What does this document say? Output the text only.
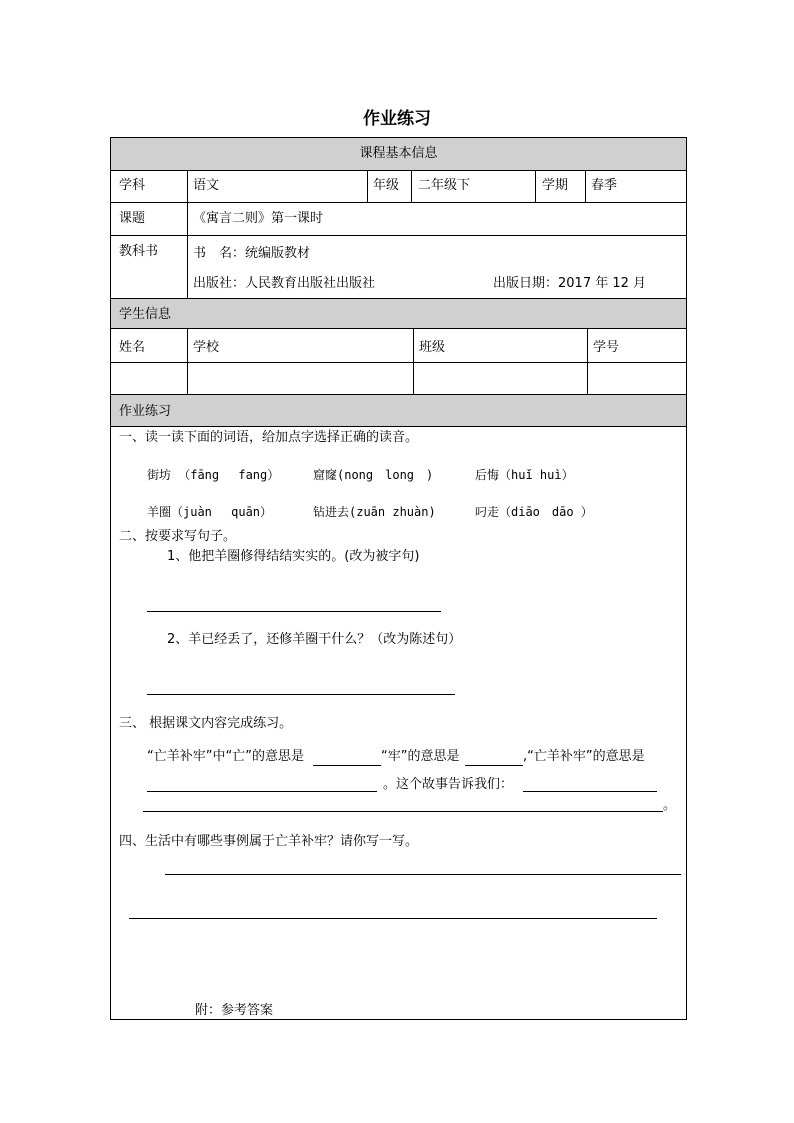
作业练习
课程基本信息
学科	语文	年级 二年级下	学期 春季
课题	《寓言二则》第一课时
教科书	书　名：统编版教材
出版社：人民教育出版社出版社	出版日期：2017 年 12 月
学生信息
姓名	学校	班级	学号
作业练习
一、读一读下面的词语，给加点字选择正确的读音。
街坊 （fāng　 fang）	窟窿(nong　long　)	后悔（huǐ huì）
羊圈（juàn　 quān）	钻进去(zuān zhuàn)	叼走（diāo　dāo ）
二、按要求写句子。
1、他把羊圈修得结结实实的。(改为被字句)
2、羊已经丢了，还修羊圈干什么？（改为陈述句）
三、 根据课文内容完成练习。
“亡羊补牢”中“亡”的意思是	“牢”的意思是	,“亡羊补牢”的意思是
。这个故事告诉我们：
。
四、生活中有哪些事例属于亡羊补牢？请你写一写。
附：参考答案
